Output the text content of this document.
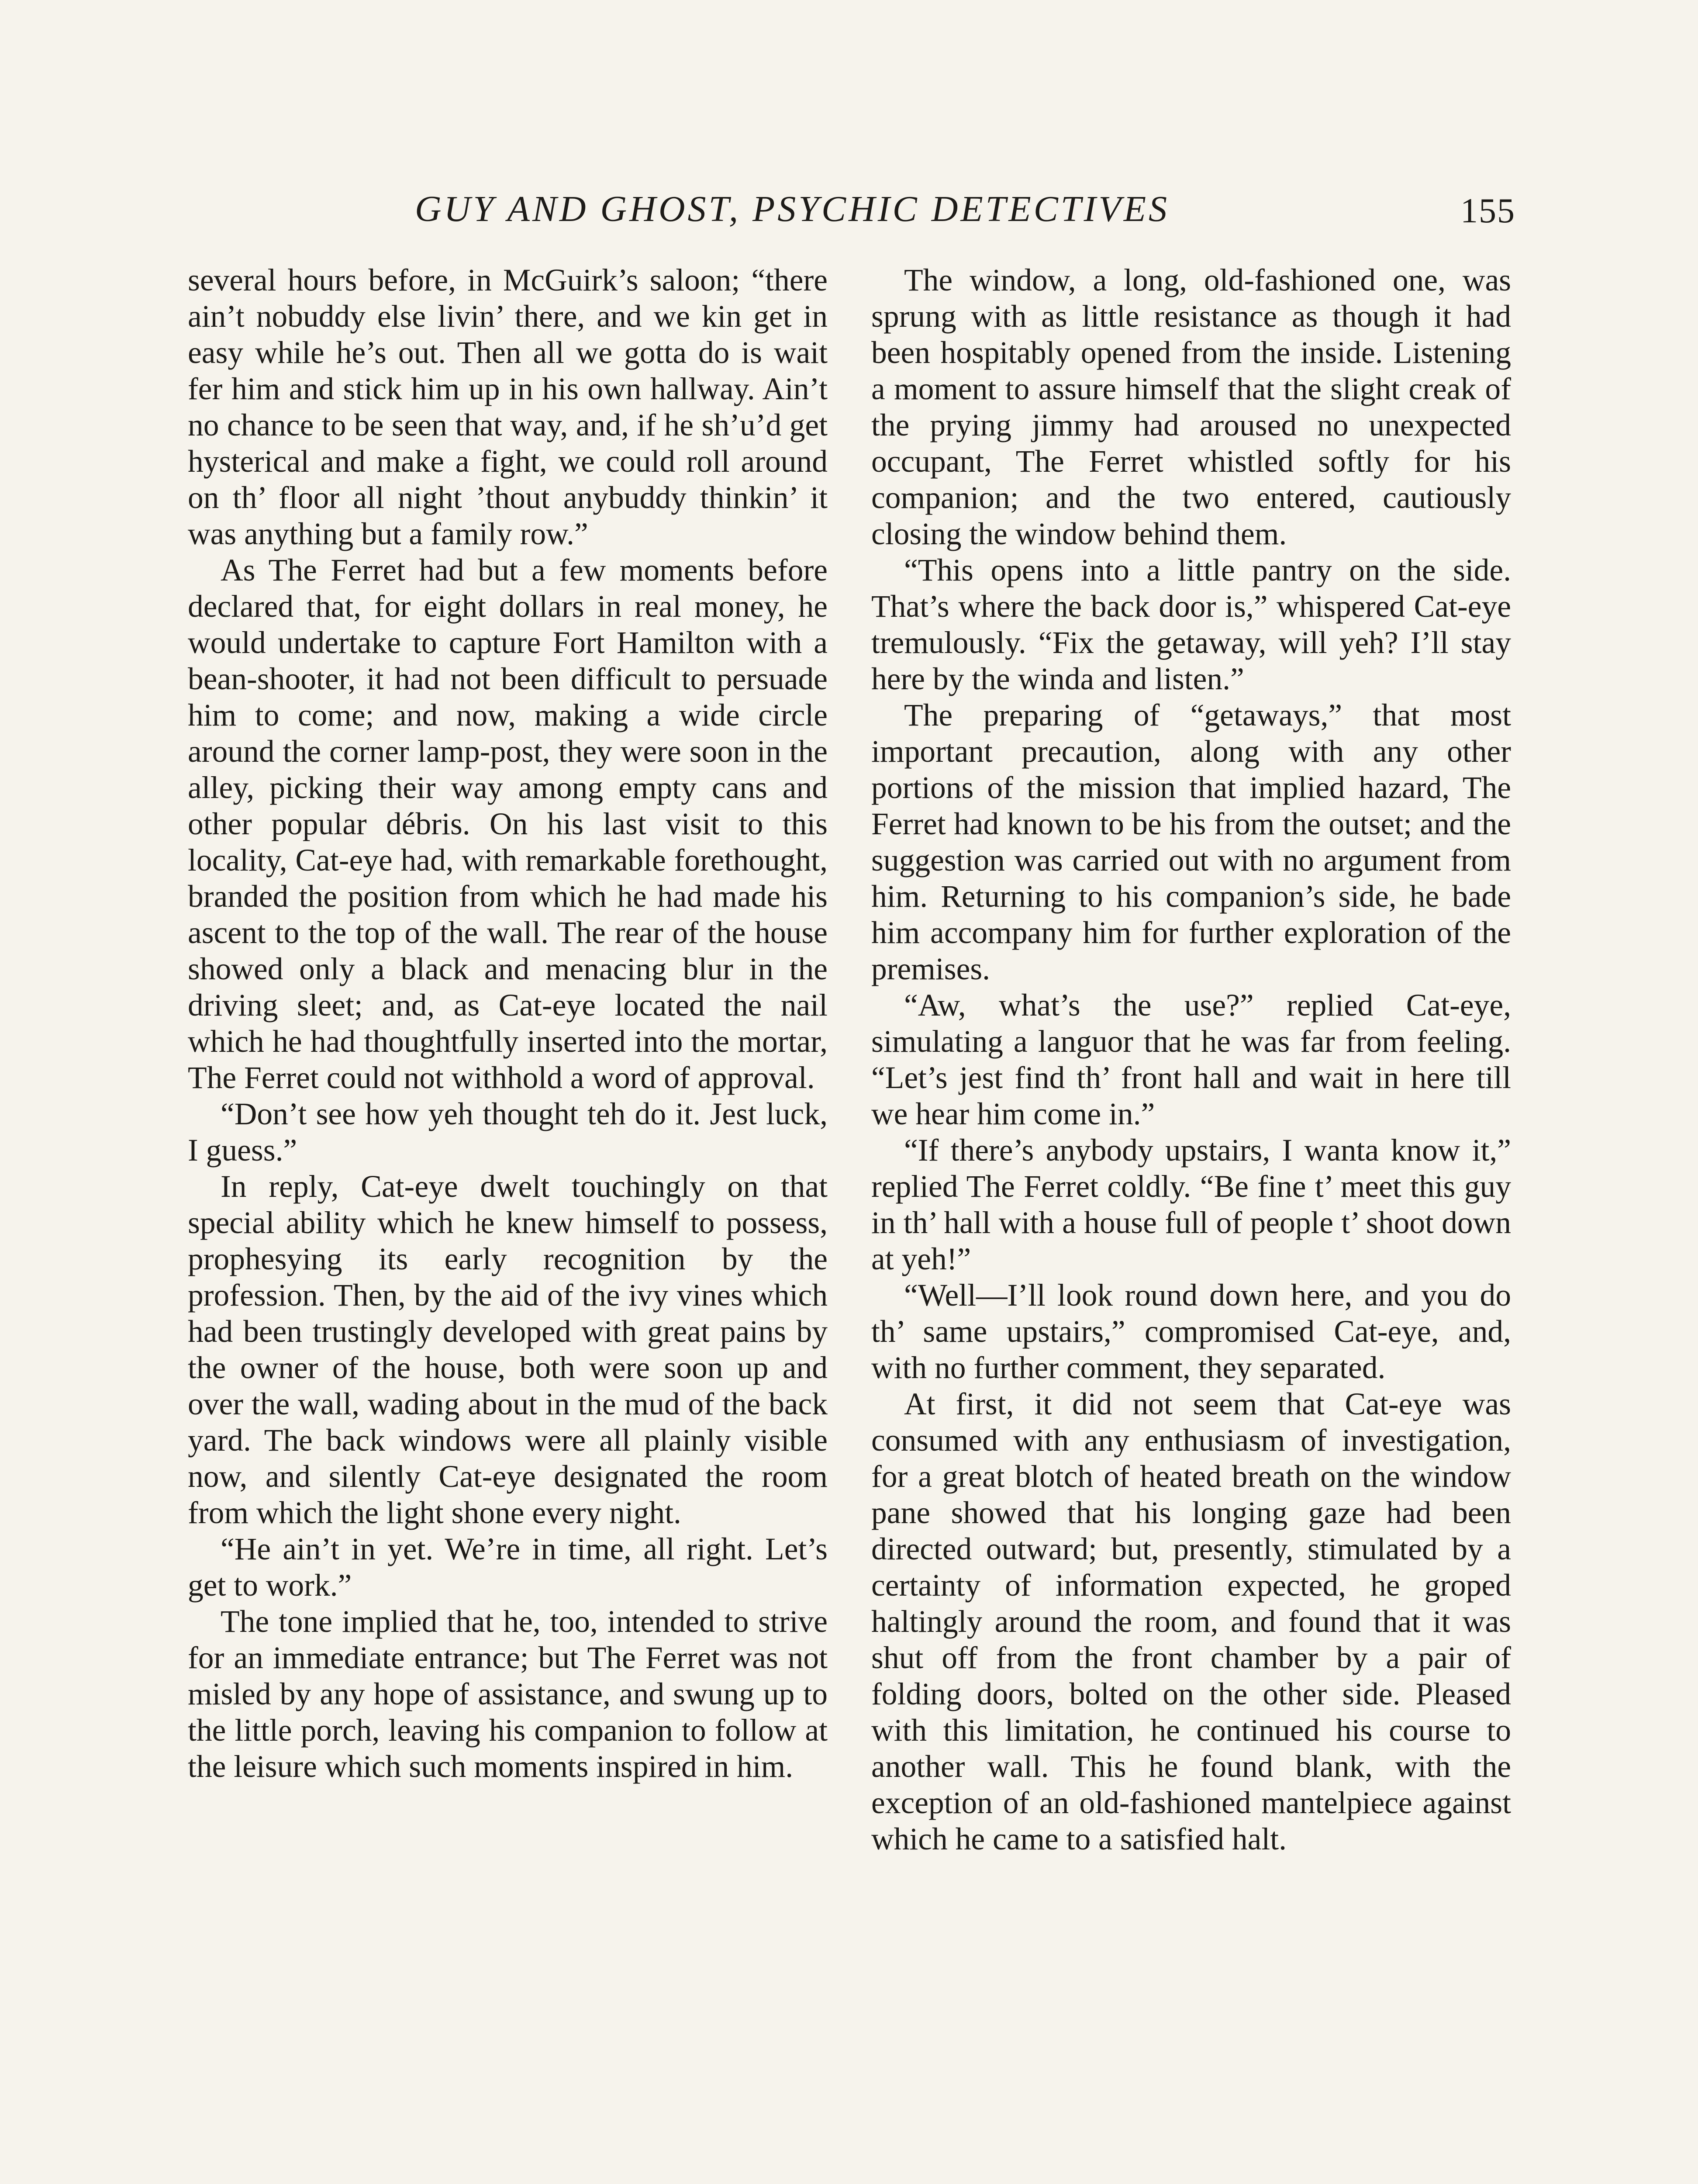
GUY AND GHOST, PSYCHIC DETECTIVES	155

several hours before, in McGuirk’s saloon; “there ain’t nobuddy else livin’ there, and we kin get in easy while he’s out. Then all we gotta do is wait fer him and stick him up in his own hallway. Ain’t no chance to be seen that way, and, if he sh’u’d get hysterical and make a fight, we could roll around on th’ floor all night ’thout anybuddy thinkin’ it was anything but a family row.”

As The Ferret had but a few moments before declared that, for eight dollars in real money, he would undertake to capture Fort Hamilton with a bean-shooter, it had not been difficult to persuade him to come; and now, making a wide circle around the corner lamp-post, they were soon in the alley, picking their way among empty cans and other popular débris. On his last visit to this locality, Cat-eye had, with remarkable forethought, branded the position from which he had made his ascent to the top of the wall. The rear of the house showed only a black and menacing blur in the driving sleet; and, as Cat-eye located the nail which he had thoughtfully inserted into the mortar, The Ferret could not withhold a word of approval.

“Don’t see how yeh thought teh do it. Jest luck, I guess.”

In reply, Cat-eye dwelt touchingly on that special ability which he knew himself to possess, prophesying its early recognition by the profession. Then, by the aid of the ivy vines which had been trustingly developed with great pains by the owner of the house, both were soon up and over the wall, wading about in the mud of the back yard. The back windows were all plainly visible now, and silently Cat-eye designated the room from which the light shone every night.

“He ain’t in yet. We’re in time, all right. Let’s get to work.”

The tone implied that he, too, intended to strive for an immediate entrance; but The Ferret was not misled by any hope of assistance, and swung up to the little porch, leaving his companion to follow at the leisure which such moments inspired in him.

The window, a long, old-fashioned one, was sprung with as little resistance as though it had been hospitably opened from the inside. Listening a moment to assure himself that the slight creak of the prying jimmy had aroused no unexpected occupant, The Ferret whistled softly for his companion; and the two entered, cautiously closing the window behind them.

“This opens into a little pantry on the side. That’s where the back door is,” whispered Cat-eye tremulously. “Fix the getaway, will yeh? I’ll stay here by the winda and listen.”

The preparing of “getaways,” that most important precaution, along with any other portions of the mission that implied hazard, The Ferret had known to be his from the outset; and the suggestion was carried out with no argument from him. Returning to his companion’s side, he bade him accompany him for further exploration of the premises.

“Aw, what’s the use?” replied Cat-eye, simulating a languor that he was far from feeling. “Let’s jest find th’ front hall and wait in here till we hear him come in.”

“If there’s anybody upstairs, I wanta know it,” replied The Ferret coldly. “Be fine t’ meet this guy in th’ hall with a house full of people t’ shoot down at yeh!”

“Well—I’ll look round down here, and you do th’ same upstairs,” compromised Cat-eye, and, with no further comment, they separated.

At first, it did not seem that Cat-eye was consumed with any enthusiasm of investigation, for a great blotch of heated breath on the window pane showed that his longing gaze had been directed outward; but, presently, stimulated by a certainty of information expected, he groped haltingly around the room, and found that it was shut off from the front chamber by a pair of folding doors, bolted on the other side. Pleased with this limitation, he continued his course to another wall. This he found blank, with the exception of an old-fashioned mantelpiece against which he came to a satisfied halt.
